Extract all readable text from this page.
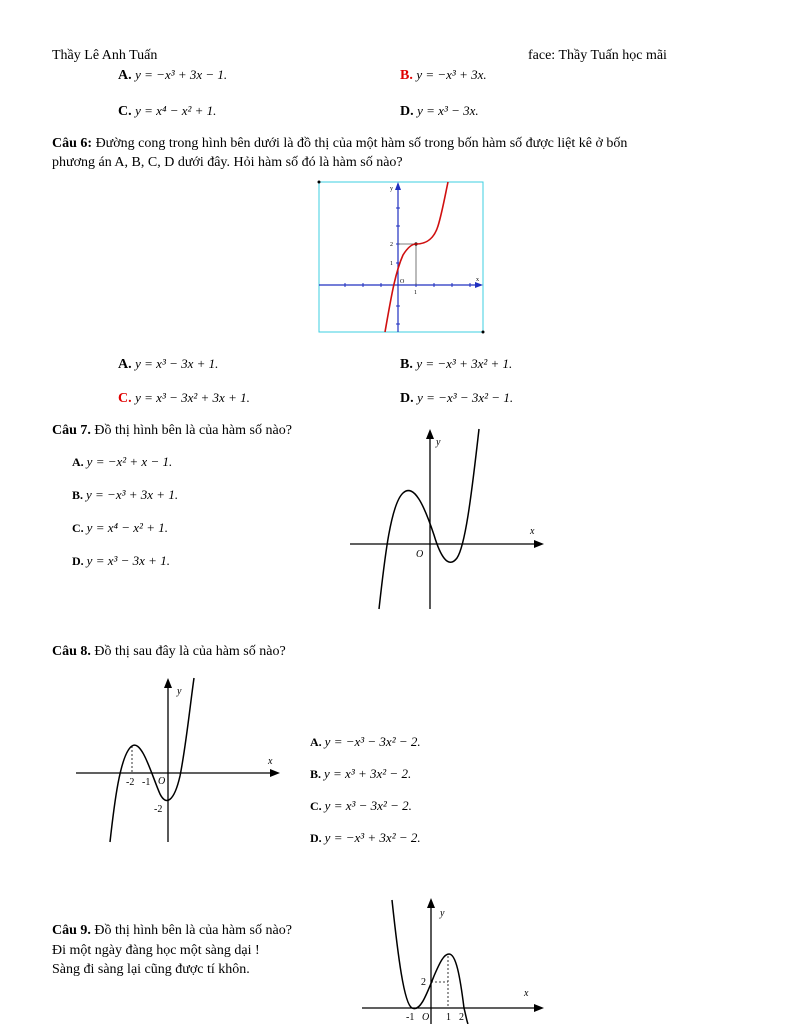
Thầy Lê Anh Tuấn	face: Thầy Tuấn học mãi
A. y = −x³ + 3x − 1.	B. y = −x³ + 3x.
C. y = x⁴ − x² + 1.	D. y = x³ − 3x.
Câu 6: Đường cong trong hình bên dưới là đồ thị của một hàm số trong bốn hàm số được liệt kê ở bốn
phương án A, B, C, D dưới đây. Hỏi hàm số đó là hàm số nào?
y
x
O
2
1
1
A. y = x³ − 3x + 1.	B. y = −x³ + 3x² + 1.
C. y = x³ − 3x² + 3x + 1.	D. y = −x³ − 3x² − 1.
Câu 7. Đồ thị hình bên là của hàm số nào?
A. y = −x² + x − 1.
B. y = −x³ + 3x + 1.
C. y = x⁴ − x² + 1.
D. y = x³ − 3x + 1.
y
x
O
Câu 8. Đồ thị sau đây là của hàm số nào?
y
x
O
-2 -1
-2
A. y = −x³ − 3x² − 2.
B. y = x³ + 3x² − 2.
C. y = x³ − 3x² − 2.
D. y = −x³ + 3x² − 2.
Câu 9. Đồ thị hình bên là của hàm số nào?
Đi một ngày đàng học một sàng dại !
Sàng đi sàng lại cũng được tí khôn.
y
x
O
-1	1 2
2
